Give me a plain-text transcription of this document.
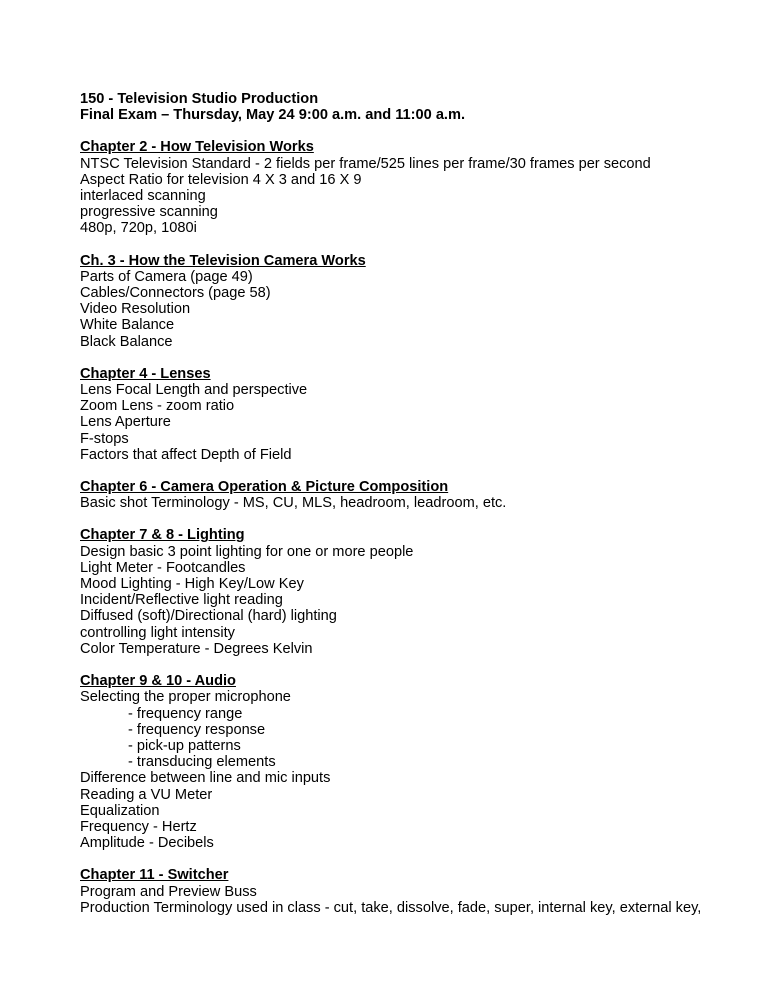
150 - Television Studio Production
Final Exam – Thursday, May 24 9:00 a.m. and 11:00 a.m.
Chapter 2 - How Television Works
NTSC Television Standard - 2 fields per frame/525 lines per frame/30 frames per second
Aspect Ratio for television 4 X 3 and 16 X 9
interlaced scanning
progressive scanning
480p, 720p, 1080i
Ch. 3 - How the Television Camera Works
Parts of Camera (page 49)
Cables/Connectors (page 58)
Video Resolution
White Balance
Black Balance
Chapter 4 - Lenses
Lens Focal Length and perspective
Zoom Lens - zoom ratio
Lens Aperture
F-stops
Factors that affect Depth of Field
Chapter 6 - Camera Operation & Picture Composition
Basic shot Terminology - MS, CU, MLS, headroom, leadroom, etc.
Chapter 7 & 8 - Lighting
Design basic 3 point lighting for one or more people
Light Meter - Footcandles
Mood Lighting - High Key/Low Key
Incident/Reflective light reading
Diffused (soft)/Directional (hard) lighting
controlling light intensity
Color Temperature - Degrees Kelvin
Chapter 9 & 10 - Audio
Selecting the proper microphone
- frequency range
- frequency response
- pick-up patterns
- transducing elements
Difference between line and mic inputs
Reading a VU Meter
Equalization
Frequency - Hertz
Amplitude - Decibels
Chapter 11 - Switcher
Program and Preview Buss
Production Terminology used in class - cut, take, dissolve, fade, super, internal key, external key,
